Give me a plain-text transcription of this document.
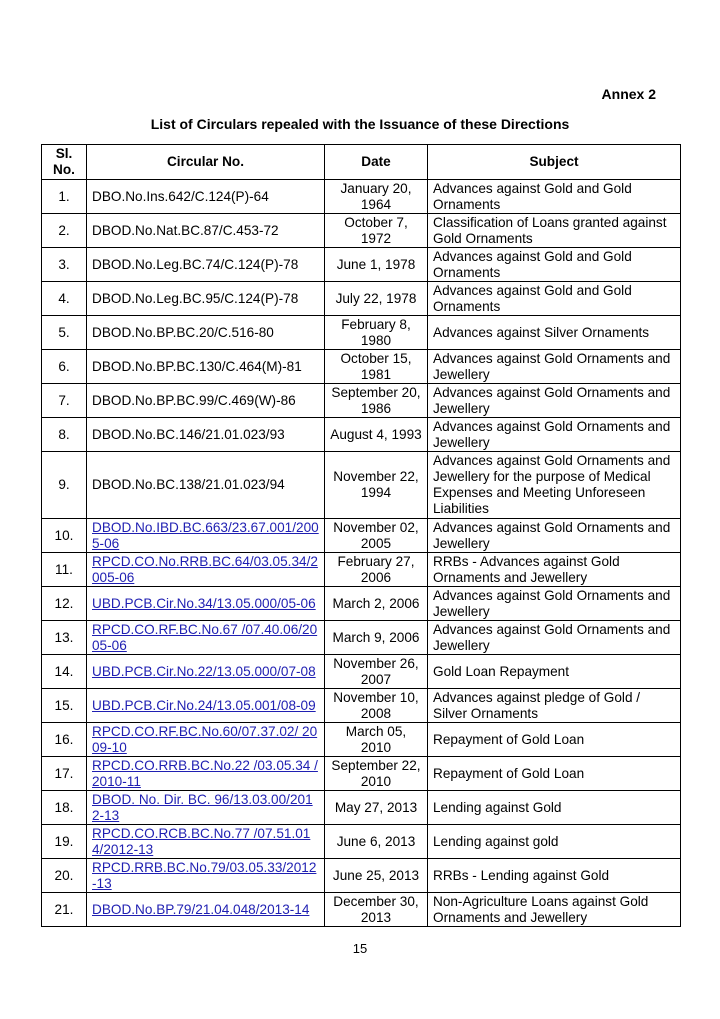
Annex 2
List of Circulars repealed with the Issuance of these Directions
Sl. No.	Circular No.	Date	Subject
1.	DBO.No.Ins.642/C.124(P)-64	January 20, 1964	Advances against Gold and Gold Ornaments
2.	DBOD.No.Nat.BC.87/C.453-72	October 7, 1972	Classification of Loans granted against Gold Ornaments
3.	DBOD.No.Leg.BC.74/C.124(P)-78	June 1, 1978	Advances against Gold and Gold Ornaments
4.	DBOD.No.Leg.BC.95/C.124(P)-78	July 22, 1978	Advances against Gold and Gold Ornaments
5.	DBOD.No.BP.BC.20/C.516-80	February 8, 1980	Advances against Silver Ornaments
6.	DBOD.No.BP.BC.130/C.464(M)-81	October 15, 1981	Advances against Gold Ornaments and Jewellery
7.	DBOD.No.BP.BC.99/C.469(W)-86	September 20, 1986	Advances against Gold Ornaments and Jewellery
8.	DBOD.No.BC.146/21.01.023/93	August 4, 1993	Advances against Gold Ornaments and Jewellery
9.	DBOD.No.BC.138/21.01.023/94	November 22, 1994	Advances against Gold Ornaments and Jewellery for the purpose of Medical Expenses and Meeting Unforeseen Liabilities
10.	DBOD.No.IBD.BC.663/23.67.001/2005-06	November 02, 2005	Advances against Gold Ornaments and Jewellery
11.	RPCD.CO.No.RRB.BC.64/03.05.34/2005-06	February 27, 2006	RRBs - Advances against Gold Ornaments and Jewellery
12.	UBD.PCB.Cir.No.34/13.05.000/05-06	March 2, 2006	Advances against Gold Ornaments and Jewellery
13.	RPCD.CO.RF.BC.No.67 /07.40.06/2005-06	March 9, 2006	Advances against Gold Ornaments and Jewellery
14.	UBD.PCB.Cir.No.22/13.05.000/07-08	November 26, 2007	Gold Loan Repayment
15.	UBD.PCB.Cir.No.24/13.05.001/08-09	November 10, 2008	Advances against pledge of Gold / Silver Ornaments
16.	RPCD.CO.RF.BC.No.60/07.37.02/ 2009-10	March 05, 2010	Repayment of Gold Loan
17.	RPCD.CO.RRB.BC.No.22 /03.05.34 /2010-11	September 22, 2010	Repayment of Gold Loan
18.	DBOD. No. Dir. BC. 96/13.03.00/2012-13	May 27, 2013	Lending against Gold
19.	RPCD.CO.RCB.BC.No.77 /07.51.014/2012-13	June 6, 2013	Lending against gold
20.	RPCD.RRB.BC.No.79/03.05.33/2012-13	June 25, 2013	RRBs - Lending against Gold
21.	DBOD.No.BP.79/21.04.048/2013-14	December 30, 2013	Non-Agriculture Loans against Gold Ornaments and Jewellery
15
